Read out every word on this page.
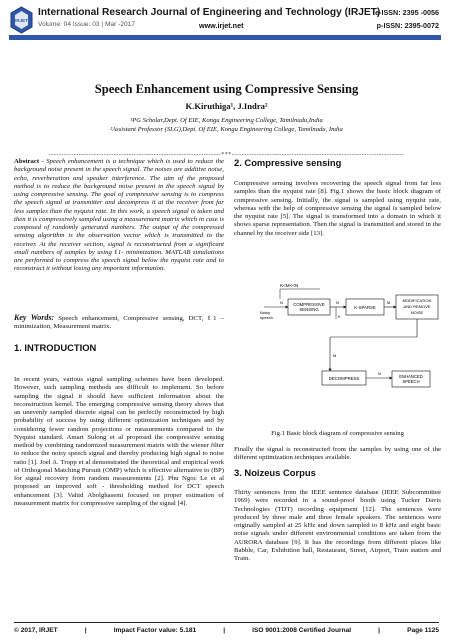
IRJET
International Research Journal of Engineering and Technology (IRJET)
Volume: 04 Issue: 03 | Mar -2017	www.irjet.net
e-ISSN: 2395 -0056
p-ISSN: 2395-0072
Speech Enhancement using Compressive Sensing
K.Kiruthiga¹, J.Indra²
¹PG Scholar,Dept. Of EIE, Kongu Engineering College, Tamilnadu,India
²Assistant Professor (SLG),Dept. Of EIE, Kongu Engineering College, Tamilnadu, India
---------------------------------------------------------------------***---------------------------------------------------------------------
Abstract - Speech enhancement is a technique which is used to reduce the background noise present in the speech signal. The noises are additive noise, echo, reverberation and speaker interference. The aim of the proposed method is to reduce the background noise present in the speech signal by using compressive sensing. The goal of compressive sensing is to compress the speech signal at transmitter and decompress it at the receiver from far less samples than the nyquist rate. In this work, a speech signal is taken and then it is compressively sampled using a measurement matrix which in case is composed of randomly generated numbers. The output of the compressed sensing algorithm is the observation vector which is transmitted to the receiver. At the receiver section, signal is reconstructed from a significant small numbers of samples by using ℓ1- minimization. MATLAB simulations are performed to compress the speech signal below the nyquist rate and to reconstruct it without losing any important information.
Key Words: Speech enhancement, Compressive sensing, DCT, ℓ1 –minimization, Measurement matrix.
1. INTRODUCTION
In recent years, various signal sampling schemes have been developed. However, such sampling methods are difficult to implement. So before sampling the signal it should have sufficient information about the reconstruction kernel. The emerging compressive sensing theory shows that an unevenly sampled discrete signal can be perfectly reconstructed by high probability of success by using different optimization techniques and by considering fewer random projections or measurements compared to the Nyquist standard. Amart Sulong et al proposed the compressive sensing method by combining randomized measurement matrix with the wiener filter to reduce the noisy speech signal and thereby producing high signal to noise ratio [1]. Joel A. Tropp et al demonstrated the theoretical and empirical work of Orthogonal Matching Pursuit (OMP) which is effective alternative to (BP) for signal recovery from random measurements [2]. Phu Ngoc Le et al proposed an improved soft - thresholding method for DCT speech enhancement [3]. Vahid Abolghasemi focused on proper estimation of measurement matrix for compressive sampling of the signal [4].
2. Compressive sensing
Compressive sensing involves recovering the speech signal from far less samples than the nyquist rate [8]. Fig.1 shows the basic block diagram of compressive sensing. Initially, the signal is sampled using nyquist rate, whereas with the help of compressive sensing the signal is sampled below the nyquist rate [5]. The signal is transformed into a domain in which it shows sparse representation. Then the signal is transmitted and stored in the channel by the receiver side [13].
K<M<<N
N
Noisy
speech
COMPRESSIVE
SENSING
N
K
K-SPARSE
M	MODIFICATION
AND REMOVE
NOISE
M
DECOMPRESS
N
ENHANCED
SPEECH
Fig.1 Basic block diagram of compressive sensing
Finally the signal is reconstructed from the samples by using one of the different optimization techniques available.
3. Noizeus Corpus
Thirty sentences from the IEEE sentence database (IEEE Subcommittee 1969) were recorded in a sound-proof booth using Tucker Davis Technologies (TDT) recording equipment [12]. The sentences were produced by three male and three female speakers. The sentences were originally sampled at 25 kHz and down sampled to 8 kHz and eight basic noise signals under different environmental conditions are taken from the AURORA database [9]. It has the recordings from different places like Babble, Car, Exhibition hall, Restaurant, Street, Airport, Train station and Train.
© 2017, IRJET	|	Impact Factor value: 5.181	|	ISO 9001:2008 Certified Journal	|	Page 1125
